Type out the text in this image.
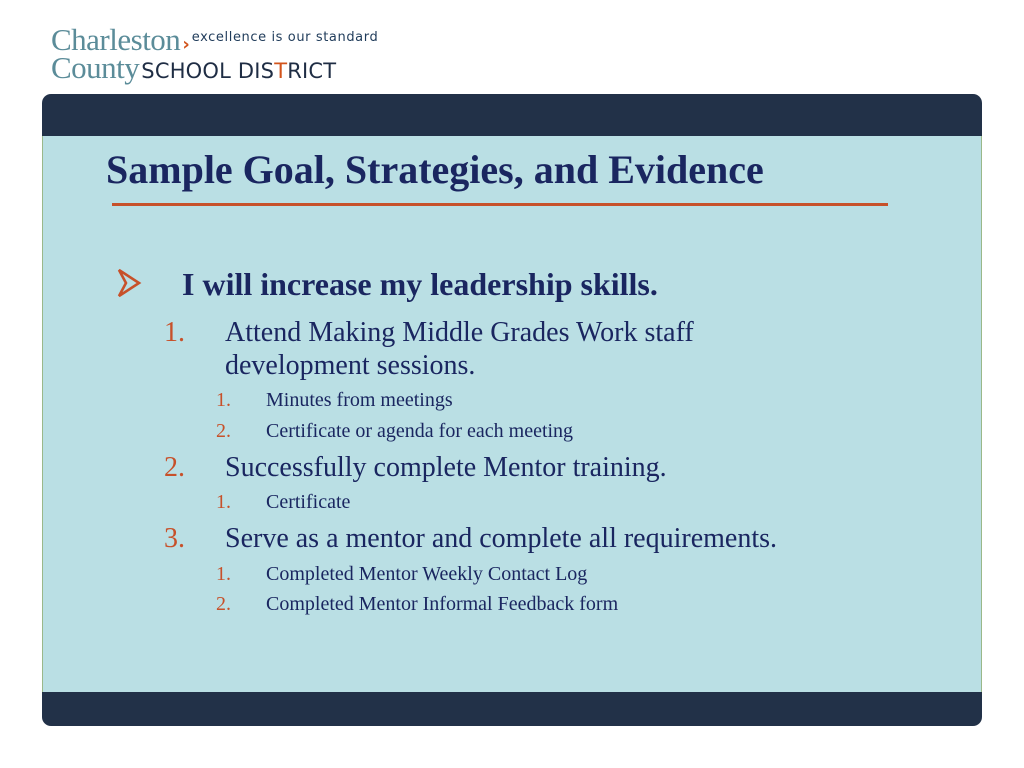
Charleston › excellence is our standard
CountySCHOOL DISTRICT
Sample Goal, Strategies, and Evidence
I will increase my leadership skills.
1. Attend Making Middle Grades Work staff
development sessions.
1. Minutes from meetings
2. Certificate or agenda for each meeting
2. Successfully complete Mentor training.
1. Certificate
3. Serve as a mentor and complete all requirements.
1. Completed Mentor Weekly Contact Log
2. Completed Mentor Informal Feedback form
